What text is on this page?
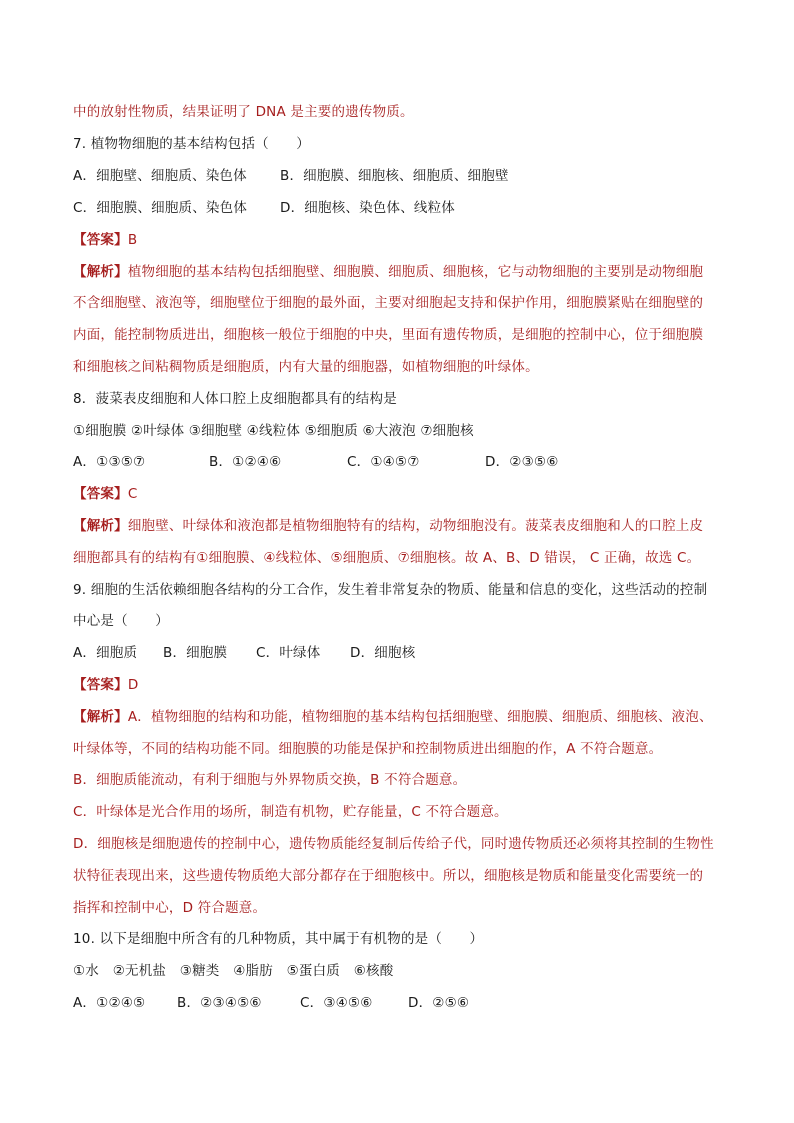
中的放射性物质，结果证明了 DNA 是主要的遗传物质。
7. 植物物细胞的基本结构包括（　　）
A．细胞壁、细胞质、染色体 B．细胞膜、细胞核、细胞质、细胞壁
C．细胞膜、细胞质、染色体 D．细胞核、染色体、线粒体
【答案】B
【解析】植物细胞的基本结构包括细胞壁、细胞膜、细胞质、细胞核，它与动物细胞的主要别是动物细胞
不含细胞壁、液泡等，细胞壁位于细胞的最外面，主要对细胞起支持和保护作用，细胞膜紧贴在细胞壁的
内面，能控制物质进出，细胞核一般位于细胞的中央，里面有遗传物质，是细胞的控制中心，位于细胞膜
和细胞核之间粘稠物质是细胞质，内有大量的细胞器，如植物细胞的叶绿体。
8．菠菜表皮细胞和人体口腔上皮细胞都具有的结构是
①细胞膜 ②叶绿体 ③细胞壁 ④线粒体 ⑤细胞质 ⑥大液泡 ⑦细胞核
A．①③⑤⑦	B．①②④⑥	C．①④⑤⑦	D．②③⑤⑥
【答案】C
【解析】细胞壁、叶绿体和液泡都是植物细胞特有的结构，动物细胞没有。菠菜表皮细胞和人的口腔上皮
细胞都具有的结构有①细胞膜、④线粒体、⑤细胞质、⑦细胞核。故 A、B、D 错误， C 正确，故选 C。
9. 细胞的生活依赖细胞各结构的分工合作，发生着非常复杂的物质、能量和信息的变化，这些活动的控制
中心是（　　）
A．细胞质 B．细胞膜 C．叶绿体 D．细胞核
【答案】D
【解析】A．植物细胞的结构和功能，植物细胞的基本结构包括细胞壁、细胞膜、细胞质、细胞核、液泡、
叶绿体等，不同的结构功能不同。细胞膜的功能是保护和控制物质进出细胞的作，A 不符合题意。
B．细胞质能流动，有利于细胞与外界物质交换，B 不符合题意。
C．叶绿体是光合作用的场所，制造有机物，贮存能量，C 不符合题意。
D．细胞核是细胞遗传的控制中心，遗传物质能经复制后传给子代，同时遗传物质还必须将其控制的生物性
状特征表现出来，这些遗传物质绝大部分都存在于细胞核中。所以，细胞核是物质和能量变化需要统一的
指挥和控制中心，D 符合题意。
10. 以下是细胞中所含有的几种物质，其中属于有机物的是（　　）
①水　②无机盐　③糖类　④脂肪　⑤蛋白质　⑥核酸
A．①②④⑤ B．②③④⑤⑥	C．③④⑤⑥	D．②⑤⑥
